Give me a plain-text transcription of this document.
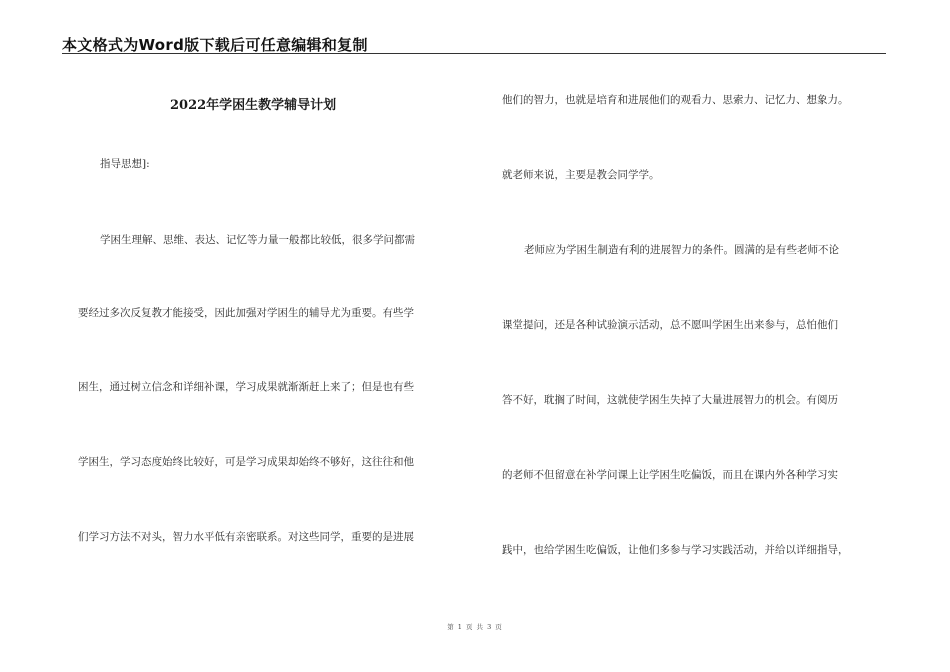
本文格式为Word版下载后可任意编辑和复制
2022年学困生教学辅导计划
指导思想]:
学困生理解、思维、表达、记忆等力量一般都比较低，很多学问都需
要经过多次反复教才能接受，因此加强对学困生的辅导尤为重要。有些学
困生，通过树立信念和详细补课，学习成果就渐渐赶上来了；但是也有些
学困生，学习态度始终比较好，可是学习成果却始终不够好，这往往和他
们学习方法不对头，智力水平低有亲密联系。对这些同学，重要的是进展
他们的智力，也就是培育和进展他们的观看力、思索力、记忆力、想象力。
就老师来说，主要是教会同学学。
老师应为学困生制造有利的进展智力的条件。圆满的是有些老师不论
课堂提问，还是各种试验演示活动，总不愿叫学困生出来参与，总怕他们
答不好，耽搁了时间，这就使学困生失掉了大量进展智力的机会。有阅历
的老师不但留意在补学问课上让学困生吃偏饭，而且在课内外各种学习实
践中，也给学困生吃偏饭，让他们多参与学习实践活动，并给以详细指导，
第 1 页 共 3 页
